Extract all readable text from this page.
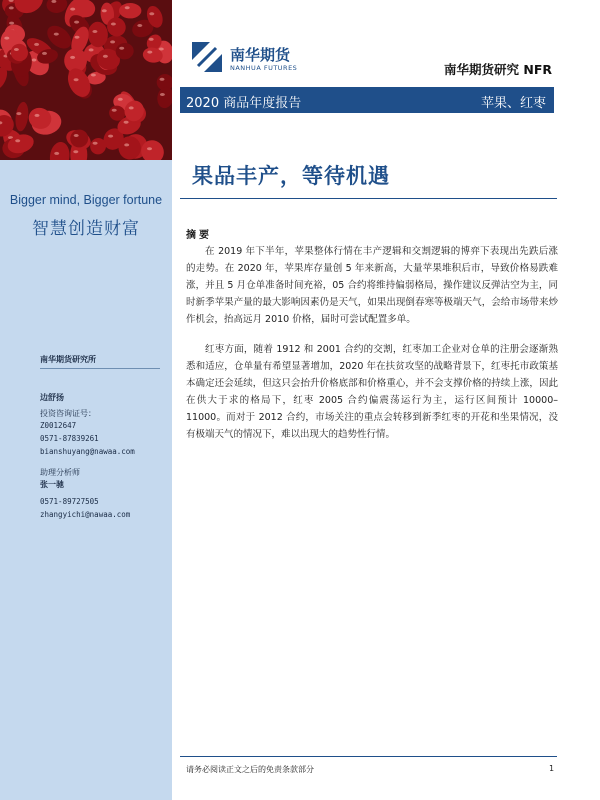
Bigger mind, Bigger fortune
智慧创造财富
南华期货研究所
边舒扬
投资咨询证号：
Z0012647
0571-87839261
bianshuyang@nawaa.com
助理分析师
张一驰
0571-89727505
zhangyichi@nawaa.com
南华期货
NANHUA FUTURES	南华期货研究 NFR
2020 商品年度报告	苹果、红枣
果品丰产，等待机遇
摘要

在 2019 年下半年，苹果整体行情在丰产逻辑和交割逻辑的博弈下表现出先跌后涨的走势。在 2020 年，苹果库存量创 5 年来新高，大量苹果堆积后市，导致价格易跌难涨，并且 5 月仓单准备时间充裕，05 合约将维持偏弱格局，操作建议反弹沽空为主，同时新季苹果产量的最大影响因素仍是天气，如果出现倒春寒等极端天气，会给市场带来炒作机会，抬高远月 2010 价格，届时可尝试配置多单。

红枣方面，随着 1912 和 2001 合约的交割，红枣加工企业对仓单的注册会逐渐熟悉和适应，仓单量有希望显著增加，2020 年在扶贫攻坚的战略背景下，红枣托市政策基本确定还会延续，但这只会抬升价格底部和价格重心，并不会支撑价格的持续上涨，因此在供大于求的格局下，红枣 2005 合约偏震荡运行为主，运行区间预计 10000–11000。而对于 2012 合约，市场关注的重点会转移到新季红枣的开花和坐果情况，没有极端天气的情况下，难以出现大的趋势性行情。

请务必阅读正文之后的免责条款部分	1
